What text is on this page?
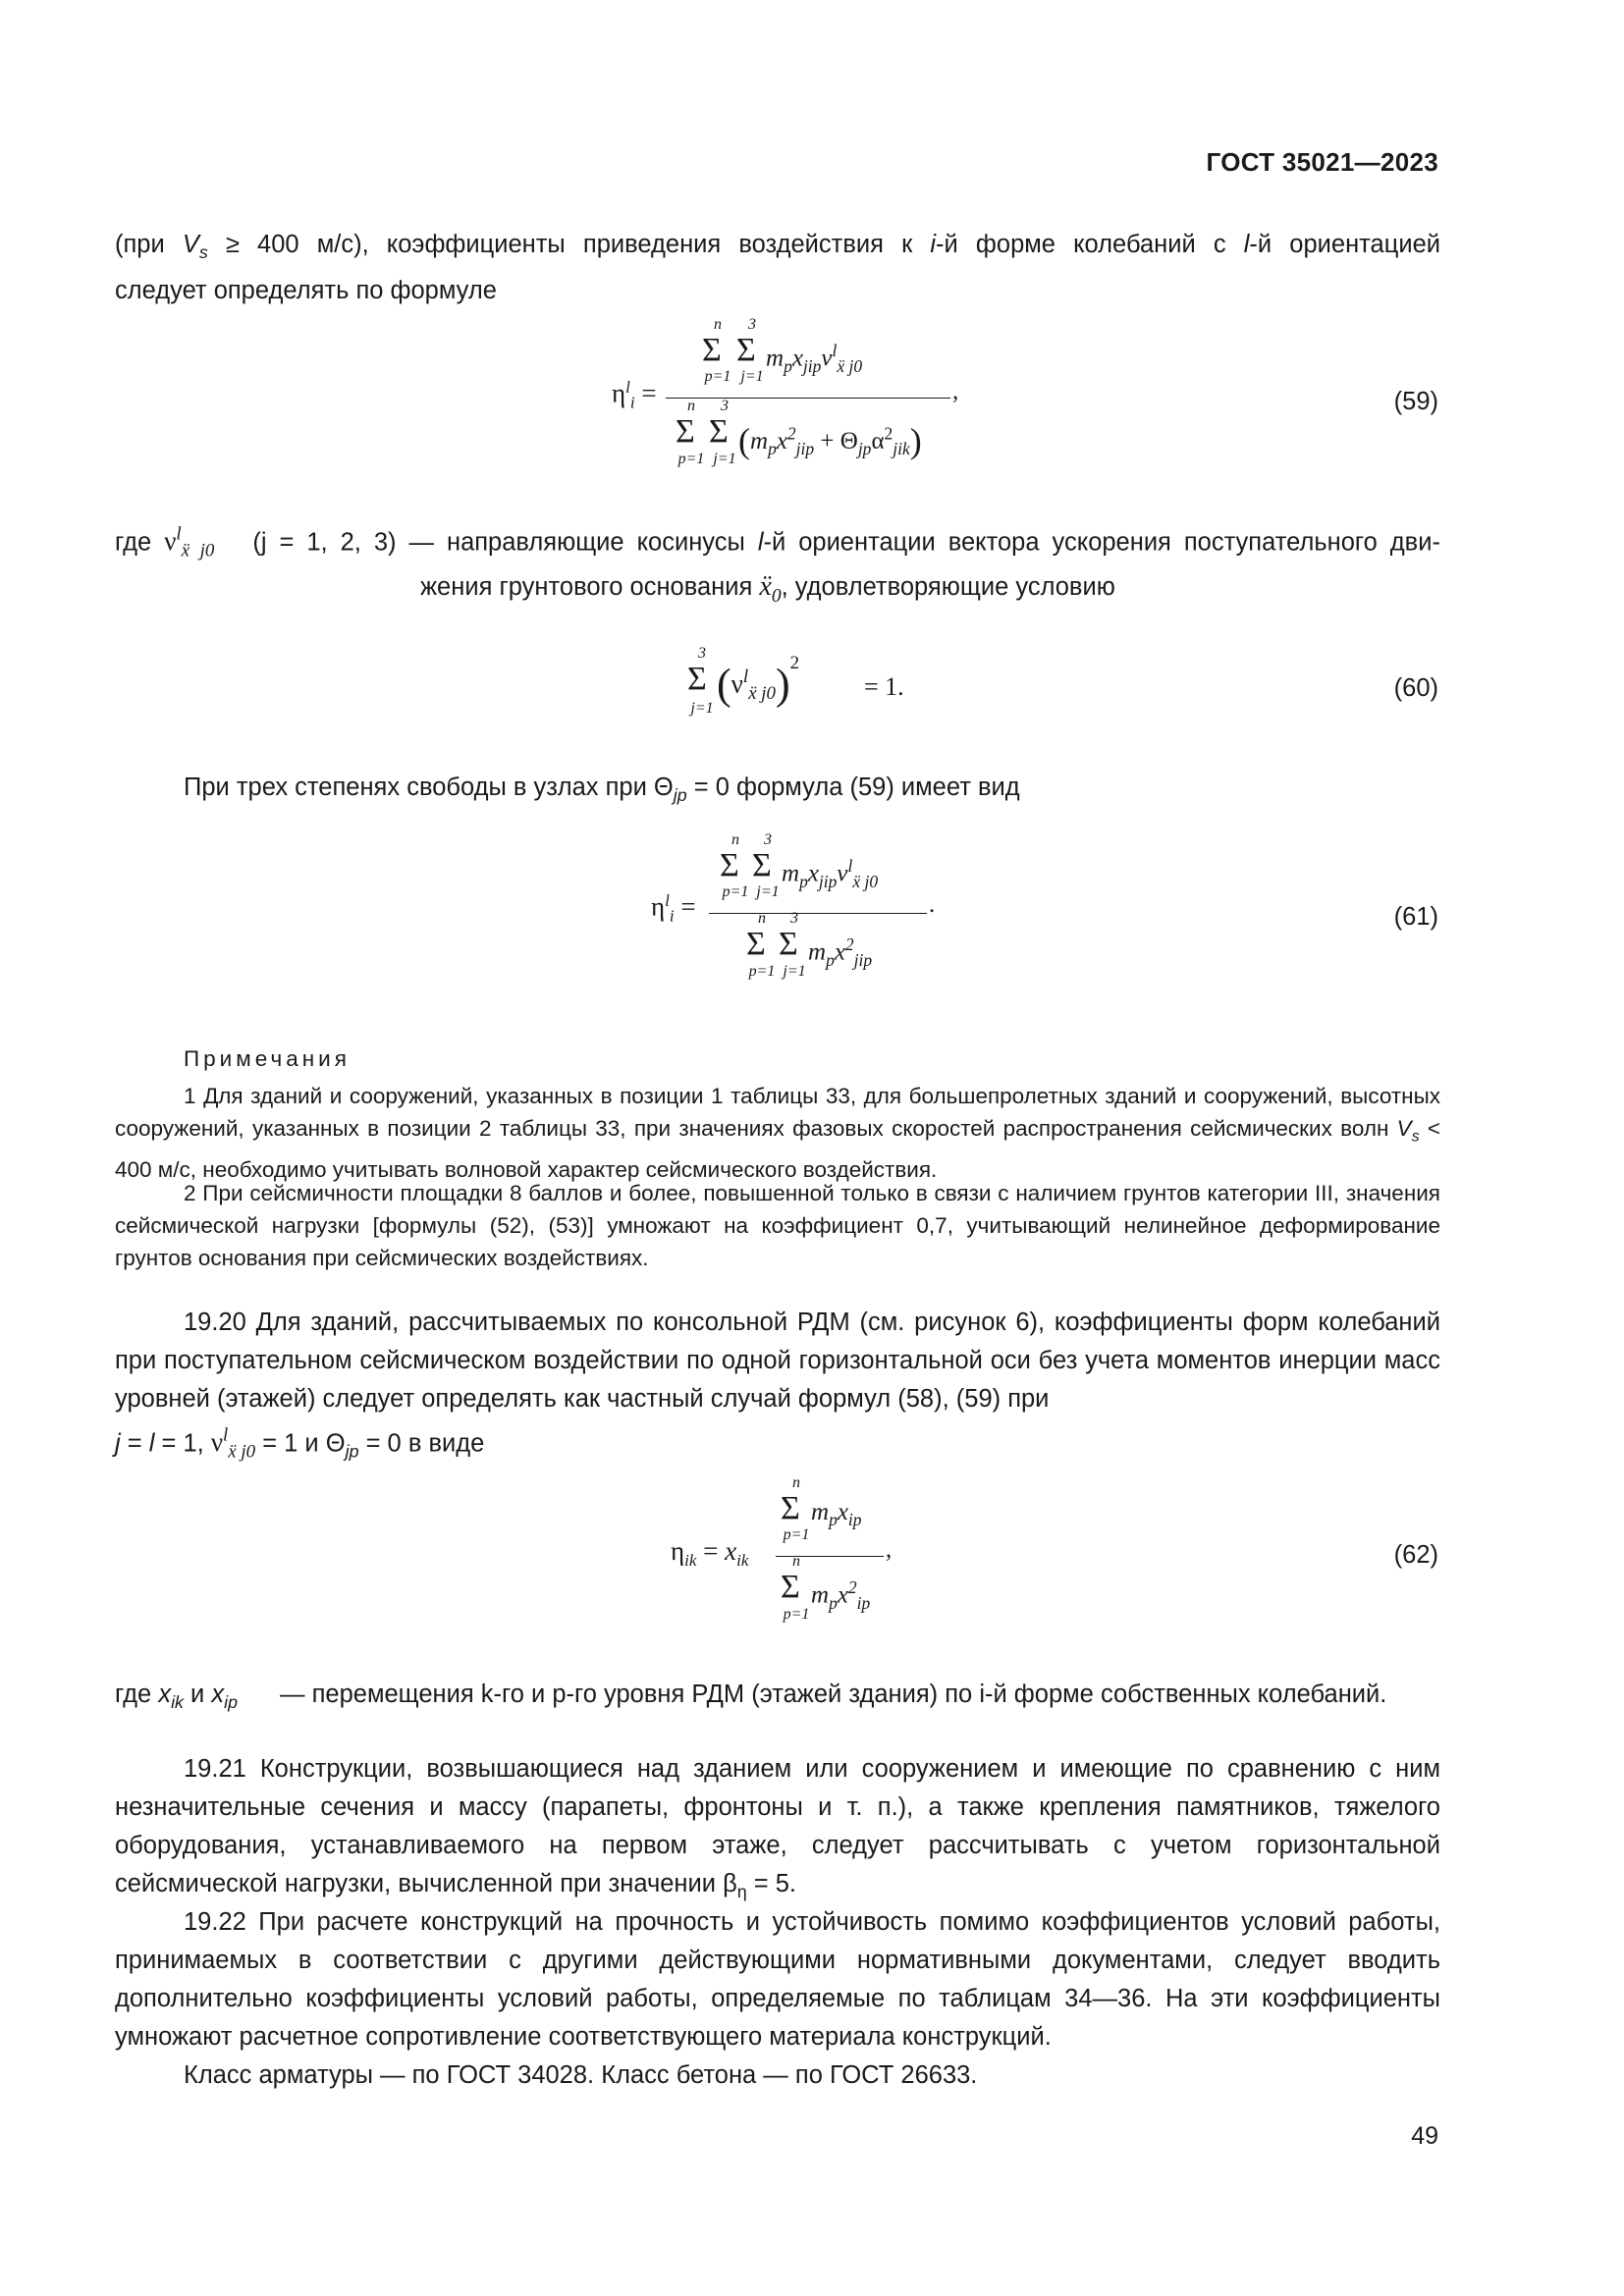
ГОСТ 35021—2023
(при $V_s \ge 400$ м/с), коэффициенты приведения воздействия к i-й форме колебаний с l-й ориентацией
следует определять по формуле
$\eta^l_i$ =
Σ
n
p=1
Σ
3
j=1
$m_px_{jip}\nu^l_{ẍ j0}$
Σ
n
p=1
Σ
3
j=1 $(m_px^2_{jip} + \Theta_{jp}\alpha^2_{jik})$
,	(59)
где $\nu^l_{ẍ j0}$ (j = 1, 2, 3) — направляющие косинусы l-й ориентации вектора ускорения поступательного дви-
жения грунтового основания ẍ$_0$, удовлетворяющие условию
Σ
3
j=1 $(\nu^l_{ẍ j0})^2$
= 1.	(60)
При трех степенях свободы в узлах при $\Theta_{jp} = 0$ формула (59) имеет вид
$\eta^l_i$ =
Σ
n
p=1
Σ
3
j=1
$m_px_{jip}\nu^l_{ẍ j0}$
Σ
n
p=1
Σ
3
j=1
$m_px^2_{jip}$
.	(61)
Примечания
1 Для зданий и сооружений, указанных в позиции 1 таблицы 33, для большепролетных зданий и сооружений, высотных сооружений, указанных в позиции 2 таблицы 33, при значениях фазовых скоростей распространения сейсмических волн $V_s < 400$ м/с, необходимо учитывать волновой характер сейсмического воздействия.
2 При сейсмичности площадки 8 баллов и более, повышенной только в связи с наличием грунтов категории III, значения сейсмической нагрузки [формулы (52), (53)] умножают на коэффициент 0,7, учитывающий нелинейное деформирование грунтов основания при сейсмических воздействиях.
19.20 Для зданий, рассчитываемых по консольной РДМ (см. рисунок 6), коэффициенты форм колебаний при поступательном сейсмическом воздействии по одной горизонтальной оси без учета моментов инерции масс уровней (этажей) следует определять как частный случай формул (58), (59) при
j = l = 1, $\nu^l_{ẍ j0} = 1$ и $\Theta_{jp} = 0$ в виде
$\eta_{ik} = x_{ik}$
Σ
n
p=1
$m_px_{ip}$
Σ
n
p=1
$m_px^2_{ip}$
,	(62)
где $x_{ik}$ и $x_{ip}$ — перемещения k-го и p-го уровня РДМ (этажей здания) по i-й форме собственных колебаний.
19.21 Конструкции, возвышающиеся над зданием или сооружением и имеющие по сравнению с ним незначительные сечения и массу (парапеты, фронтоны и т. п.), а также крепления памятников, тяжелого оборудования, устанавливаемого на первом этаже, следует рассчитывать с учетом горизонтальной сейсмической нагрузки, вычисленной при значении $\beta_\eta = 5$.
19.22 При расчете конструкций на прочность и устойчивость помимо коэффициентов условий работы, принимаемых в соответствии с другими действующими нормативными документами, следует вводить дополнительно коэффициенты условий работы, определяемые по таблицам 34—36. На эти коэффициенты умножают расчетное сопротивление соответствующего материала конструкций.
Класс арматуры — по ГОСТ 34028. Класс бетона — по ГОСТ 26633.
49
